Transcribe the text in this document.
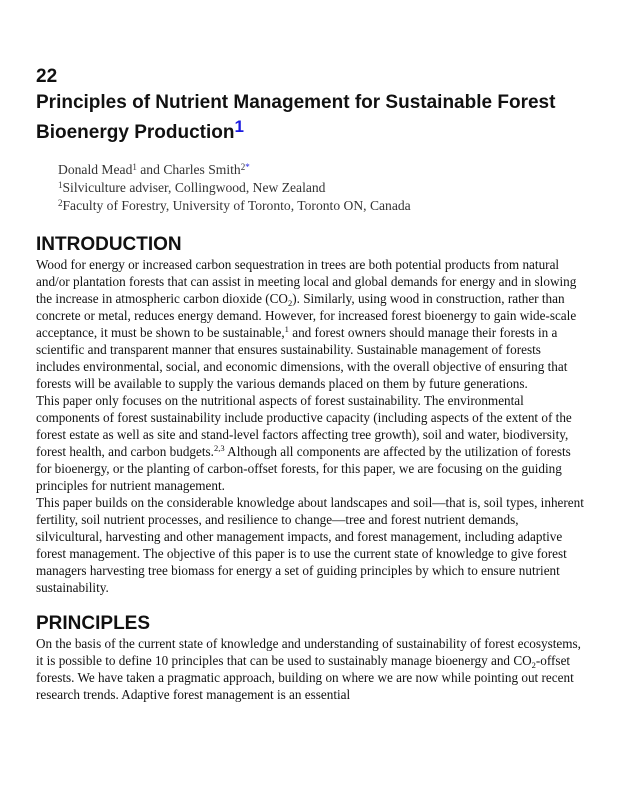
22
Principles of Nutrient Management for Sustainable Forest Bioenergy Production$^1$
Donald Mead$^1$ and Charles Smith$^{2*}$
$^1$Silviculture adviser, Collingwood, New Zealand
$^2$Faculty of Forestry, University of Toronto, Toronto ON, Canada
INTRODUCTION

Wood for energy or increased carbon sequestration in trees are both potential products from natural and/or plantation forests that can assist in meeting local and global demands for energy and in slowing the increase in atmospheric carbon dioxide $(CO_2)$. Similarly, using wood in construction, rather than concrete or metal, reduces energy demand. However, for increased forest bioenergy to gain wide-scale acceptance, it must be shown to be sustainable,$^1$ and forest owners should manage their forests in a scientific and transparent manner that ensures sustainability. Sustainable management of forests includes environmental, social, and economic dimensions, with the overall objective of ensuring that forests will be available to supply the various demands placed on them by future generations.

This paper only focuses on the nutritional aspects of forest sustainability. The environmental components of forest sustainability include productive capacity (including aspects of the extent of the forest estate as well as site and stand-level factors affecting tree growth), soil and water, biodiversity, forest health, and carbon budgets.$^{2,3}$ Although all components are affected by the utilization of forests for bioenergy, or the planting of carbon-offset forests, for this paper, we are focusing on the guiding principles for nutrient management.

This paper builds on the considerable knowledge about landscapes and soil—that is, soil types, inherent fertility, soil nutrient processes, and resilience to change—tree and forest nutrient demands, silvicultural, harvesting and other management impacts, and forest management, including adaptive forest management. The objective of this paper is to use the current state of knowledge to give forest managers harvesting tree biomass for energy a set of guiding principles by which to ensure nutrient sustainability.

PRINCIPLES

On the basis of the current state of knowledge and understanding of sustainability of forest ecosystems, it is possible to define 10 principles that can be used to sustainably manage bioenergy and $CO_2$-offset forests. We have taken a pragmatic approach, building on where we are now while pointing out recent research trends. Adaptive forest management is an essential
